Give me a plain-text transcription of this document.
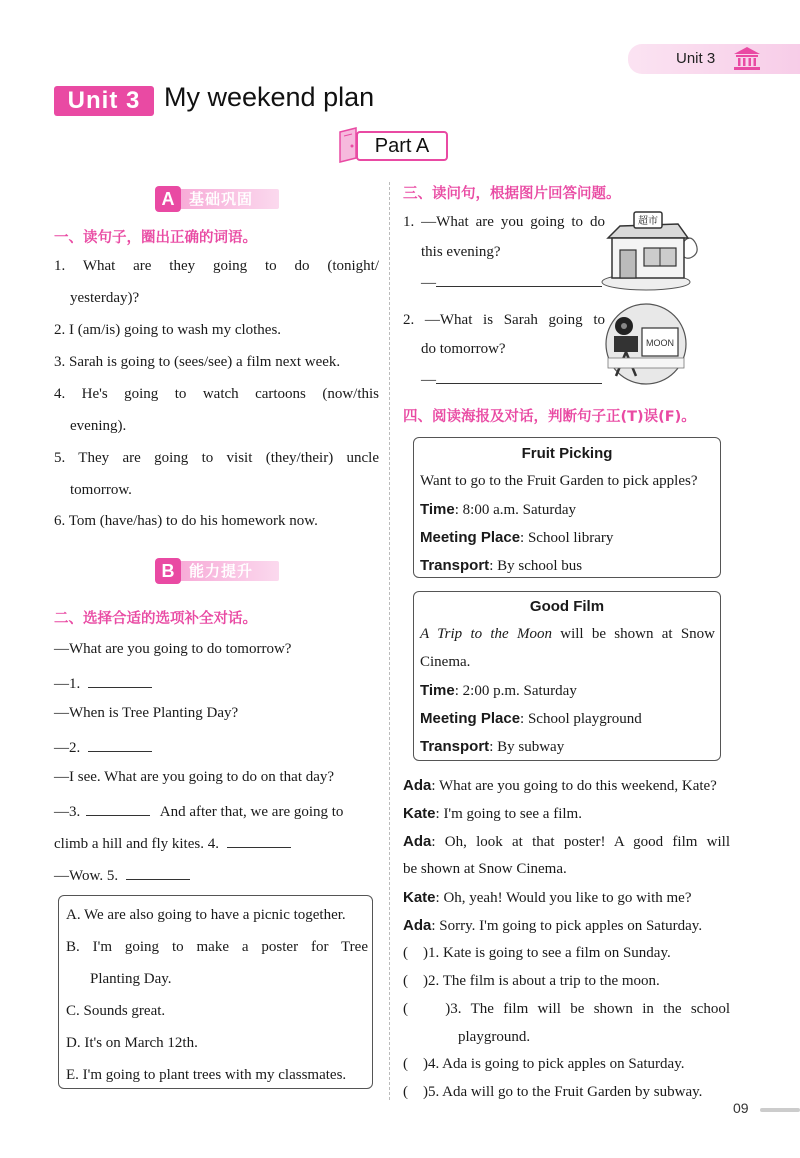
Unit 3
Unit 3 My weekend plan
Part A
A 基础巩固
一、读句子，圈出正确的词语。
1. What are they going to do (tonight/
yesterday)?
2. I (am/is) going to wash my clothes.
3. Sarah is going to (sees/see) a film next week.
4. He's going to watch cartoons (now/this
evening).
5. They are going to visit (they/their) uncle
tomorrow.
6. Tom (have/has) to do his homework now.
B 能力提升
二、选择合适的选项补全对话。
—What are you going to do tomorrow?
—1.
—When is Tree Planting Day?
—2.
—I see. What are you going to do on that day?
—3.	And after that, we are going to
climb a hill and fly kites. 4.
—Wow. 5.
A. We are also going to have a picnic together.
B. I'm going to make a poster for Tree
Planting Day.
C. Sounds great.
D. It's on March 12th.
E. I'm going to plant trees with my classmates.
三、读问句，根据图片回答问题。
1. —What are you going to do
this evening?
—
超市
2. —What is Sarah going to
do tomorrow?
—
MOON
四、阅读海报及对话，判断句子正(T)误(F)。
Fruit Picking
Want to go to the Fruit Garden to pick apples?
Time: 8:00 a.m. Saturday
Meeting Place: School library
Transport: By school bus
Good Film
A Trip to the Moon will be shown at Snow
Cinema.
Time: 2:00 p.m. Saturday
Meeting Place: School playground
Transport: By subway
Ada: What are you going to do this weekend, Kate?
Kate: I'm going to see a film.
Ada: Oh, look at that poster! A good film will
be shown at Snow Cinema.
Kate: Oh, yeah! Would you like to go with me?
Ada: Sorry. I'm going to pick apples on Saturday.
(    )1. Kate is going to see a film on Sunday.
(    )2. The film is about a trip to the moon.
(    )3. The film will be shown in the school
playground.
(    )4. Ada is going to pick apples on Saturday.
(    )5. Ada will go to the Fruit Garden by subway.
09
